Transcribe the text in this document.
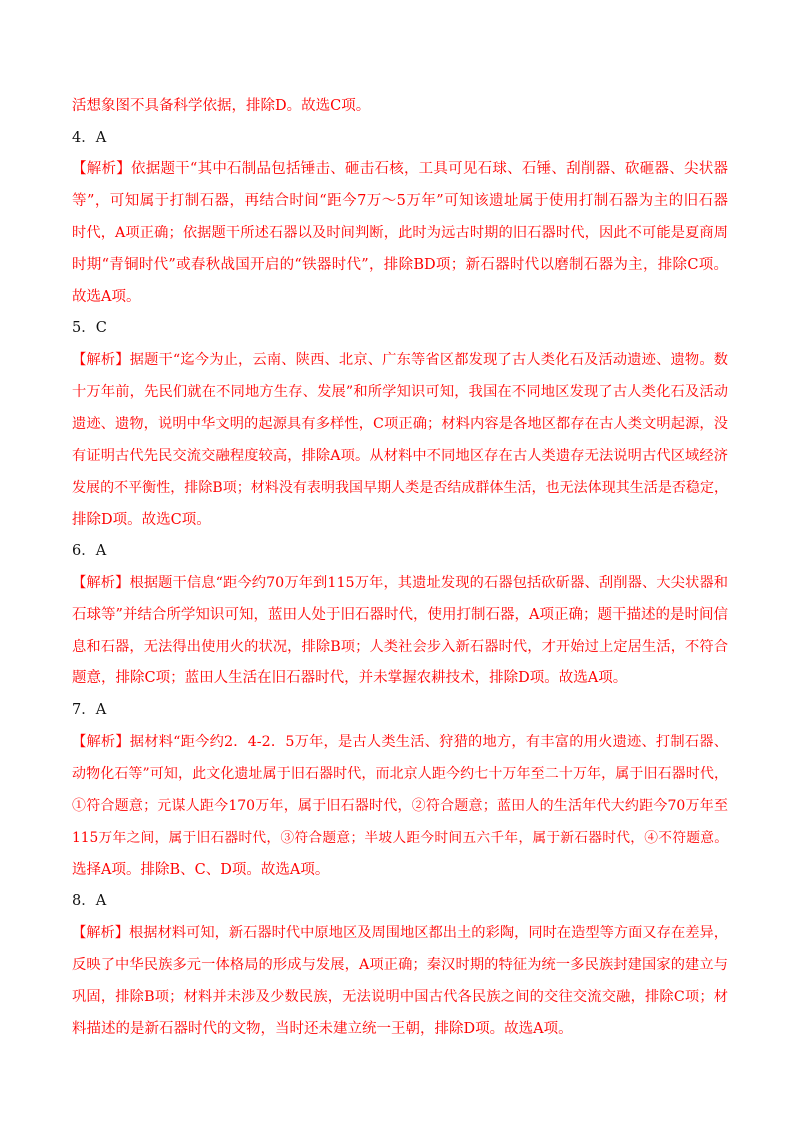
活想象图不具备科学依据，排除D。故选C项。
4．A
【解析】依据题干“其中石制品包括锤击、砸击石核，工具可见石球、石锤、刮削器、砍砸器、尖状器
等”，可知属于打制石器，再结合时间“距今7万～5万年”可知该遗址属于使用打制石器为主的旧石器
时代，A项正确；依据题干所述石器以及时间判断，此时为远古时期的旧石器时代，因此不可能是夏商周
时期“青铜时代”或春秋战国开启的“铁器时代”，排除BD项；新石器时代以磨制石器为主，排除C项。
故选A项。
5．C
【解析】据题干“迄今为止，云南、陕西、北京、广东等省区都发现了古人类化石及活动遗迹、遗物。数
十万年前，先民们就在不同地方生存、发展”和所学知识可知，我国在不同地区发现了古人类化石及活动
遗迹、遗物，说明中华文明的起源具有多样性，C项正确；材料内容是各地区都存在古人类文明起源，没
有证明古代先民交流交融程度较高，排除A项。从材料中不同地区存在古人类遗存无法说明古代区域经济
发展的不平衡性，排除B项；材料没有表明我国早期人类是否结成群体生活，也无法体现其生活是否稳定，
排除D项。故选C项。
6．A
【解析】根据题干信息“距今约70万年到115万年，其遗址发现的石器包括砍斫器、刮削器、大尖状器和
石球等”并结合所学知识可知，蓝田人处于旧石器时代，使用打制石器，A项正确；题干描述的是时间信
息和石器，无法得出使用火的状况，排除B项；人类社会步入新石器时代，才开始过上定居生活，不符合
题意，排除C项；蓝田人生活在旧石器时代，并未掌握农耕技术，排除D项。故选A项。
7．A
【解析】据材料“距今约2．4-2．5万年，是古人类生活、狩猎的地方，有丰富的用火遗迹、打制石器、
动物化石等”可知，此文化遗址属于旧石器时代，而北京人距今约七十万年至二十万年，属于旧石器时代，
①符合题意；元谋人距今170万年，属于旧石器时代，②符合题意；蓝田人的生活年代大约距今70万年至
115万年之间，属于旧石器时代，③符合题意；半坡人距今时间五六千年，属于新石器时代，④不符题意。
选择A项。排除B、C、D项。故选A项。
8．A
【解析】根据材料可知，新石器时代中原地区及周围地区都出土的彩陶，同时在造型等方面又存在差异，
反映了中华民族多元一体格局的形成与发展，A项正确；秦汉时期的特征为统一多民族封建国家的建立与
巩固，排除B项；材料并未涉及少数民族，无法说明中国古代各民族之间的交往交流交融，排除C项；材
料描述的是新石器时代的文物，当时还未建立统一王朝，排除D项。故选A项。
